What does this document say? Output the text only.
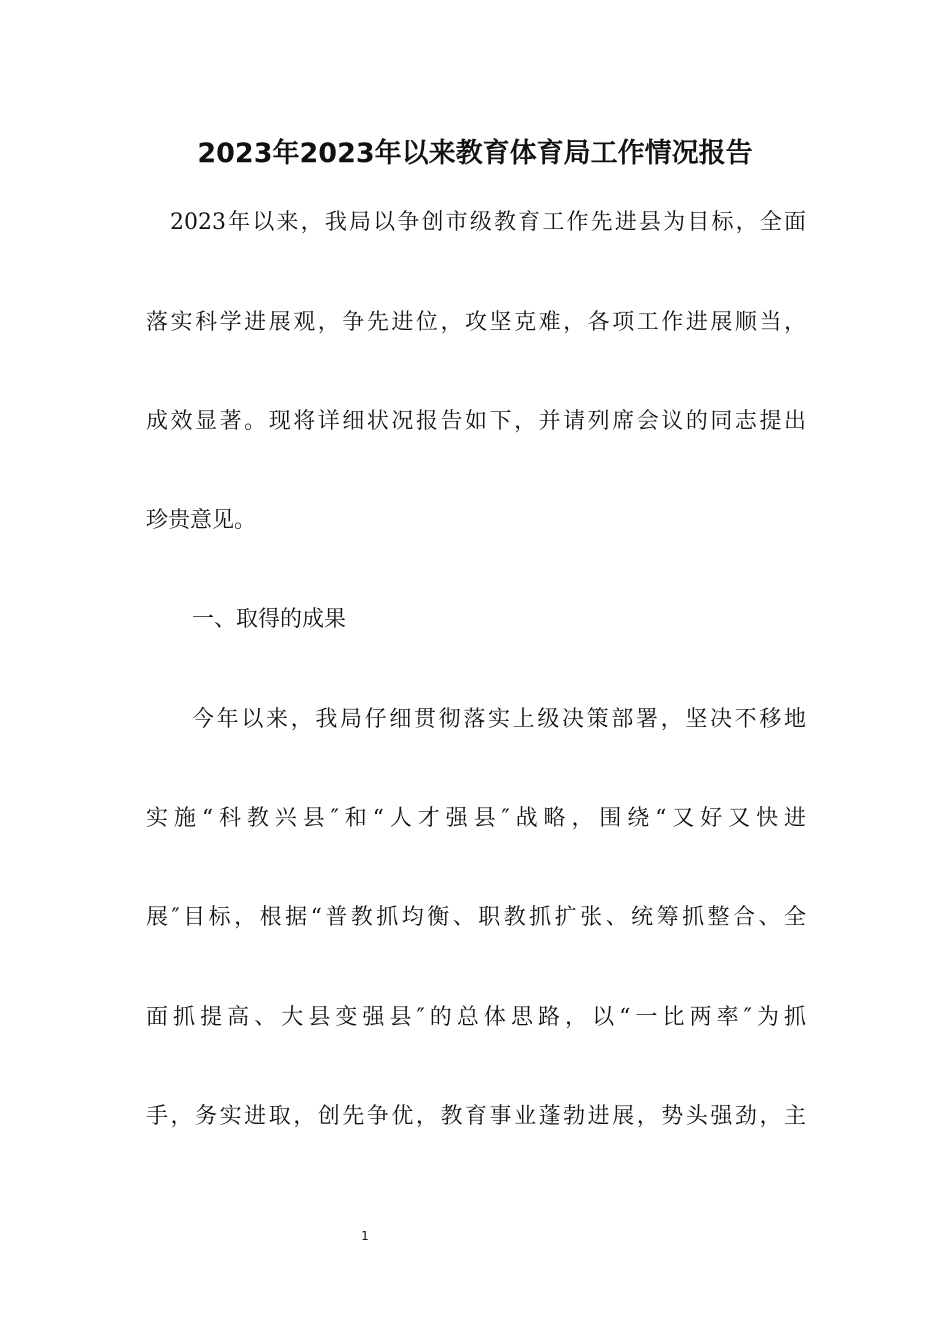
2023年2023年以来教育体育局工作情况报告
2023年以来，我局以争创市级教育工作先进县为目标，全面
落实科学进展观，争先进位，攻坚克难，各项工作进展顺当，
成效显著。现将详细状况报告如下，并请列席会议的同志提出
珍贵意见。
一、取得的成果
今年以来，我局仔细贯彻落实上级决策部署，坚决不移地
实施“科教兴县″和“人才强县″战略，围绕“又好又快进
展″目标，根据“普教抓均衡、职教抓扩张、统筹抓整合、全
面抓提高、大县变强县″的总体思路，以“一比两率″为抓
手，务实进取，创先争优，教育事业蓬勃进展，势头强劲，主
1
